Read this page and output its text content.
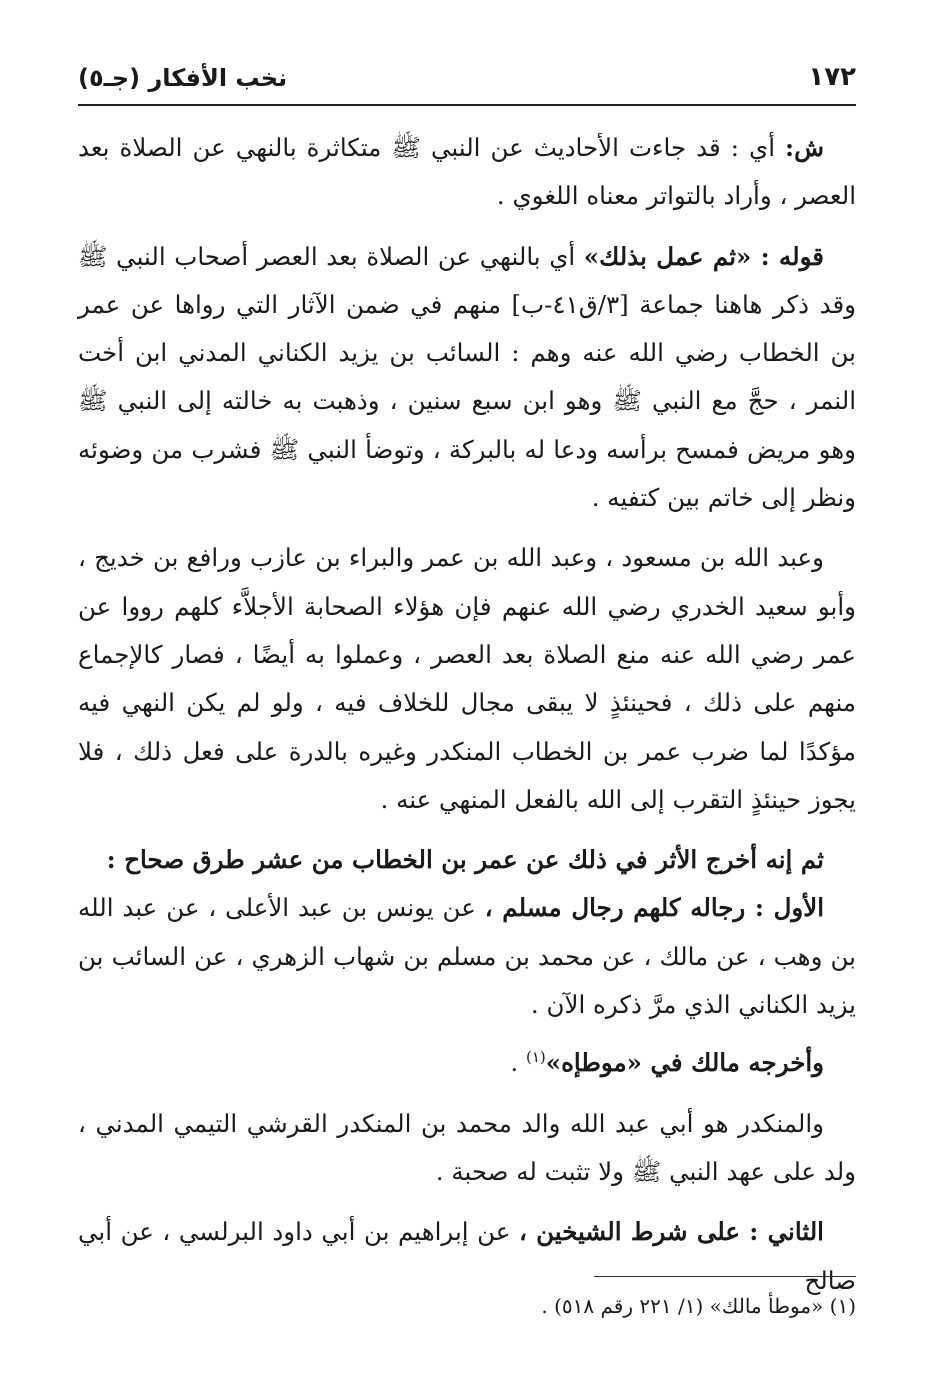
١٧٢
نخب الأفكار (جـ٥)

ش: أي : قد جاءت الأحاديث عن النبي ﷺ متكاثرة بالنهي عن الصلاة بعد العصر ، وأراد بالتواتر معناه اللغوي .

قوله : «ثم عمل بذلك» أي بالنهي عن الصلاة بعد العصر أصحاب النبي ﷺ وقد ذكر هاهنا جماعة [٣/ق٤١-ب] منهم في ضمن الآثار التي رواها عن عمر بن الخطاب رضي الله عنه وهم : السائب بن يزيد الكناني المدني ابن أخت النمر ، حجَّ مع النبي ﷺ وهو ابن سبع سنين ، وذهبت به خالته إلى النبي ﷺ وهو مريض فمسح برأسه ودعا له بالبركة ، وتوضأ النبي ﷺ فشرب من وضوئه ونظر إلى خاتم بين كتفيه .

وعبد الله بن مسعود ، وعبد الله بن عمر والبراء بن عازب ورافع بن خديج ، وأبو سعيد الخدري رضي الله عنهم فإن هؤلاء الصحابة الأجلاَّء كلهم رووا عن عمر رضي الله عنه منع الصلاة بعد العصر ، وعملوا به أيضًا ، فصار كالإجماع منهم على ذلك ، فحينئذٍ لا يبقى مجال للخلاف فيه ، ولو لم يكن النهي فيه مؤكدًا لما ضرب عمر بن الخطاب المنكدر وغيره بالدرة على فعل ذلك ، فلا يجوز حينئذٍ التقرب إلى الله بالفعل المنهي عنه .

ثم إنه أخرج الأثر في ذلك عن عمر بن الخطاب من عشر طرق صحاح :

الأول : رجاله كلهم رجال مسلم ، عن يونس بن عبد الأعلى ، عن عبد الله بن وهب ، عن مالك ، عن محمد بن مسلم بن شهاب الزهري ، عن السائب بن يزيد الكناني الذي مرَّ ذكره الآن .

وأخرجه مالك في «موطإه»$^{(١)}$ .

والمنكدر هو أبي عبد الله والد محمد بن المنكدر القرشي التيمي المدني ، ولد على عهد النبي ﷺ ولا تثبت له صحبة .

الثاني : على شرط الشيخين ، عن إبراهيم بن أبي داود البرلسي ، عن أبي صالح

(١) «موطأ مالك» (١/ ٢٢١ رقم ٥١٨) .
